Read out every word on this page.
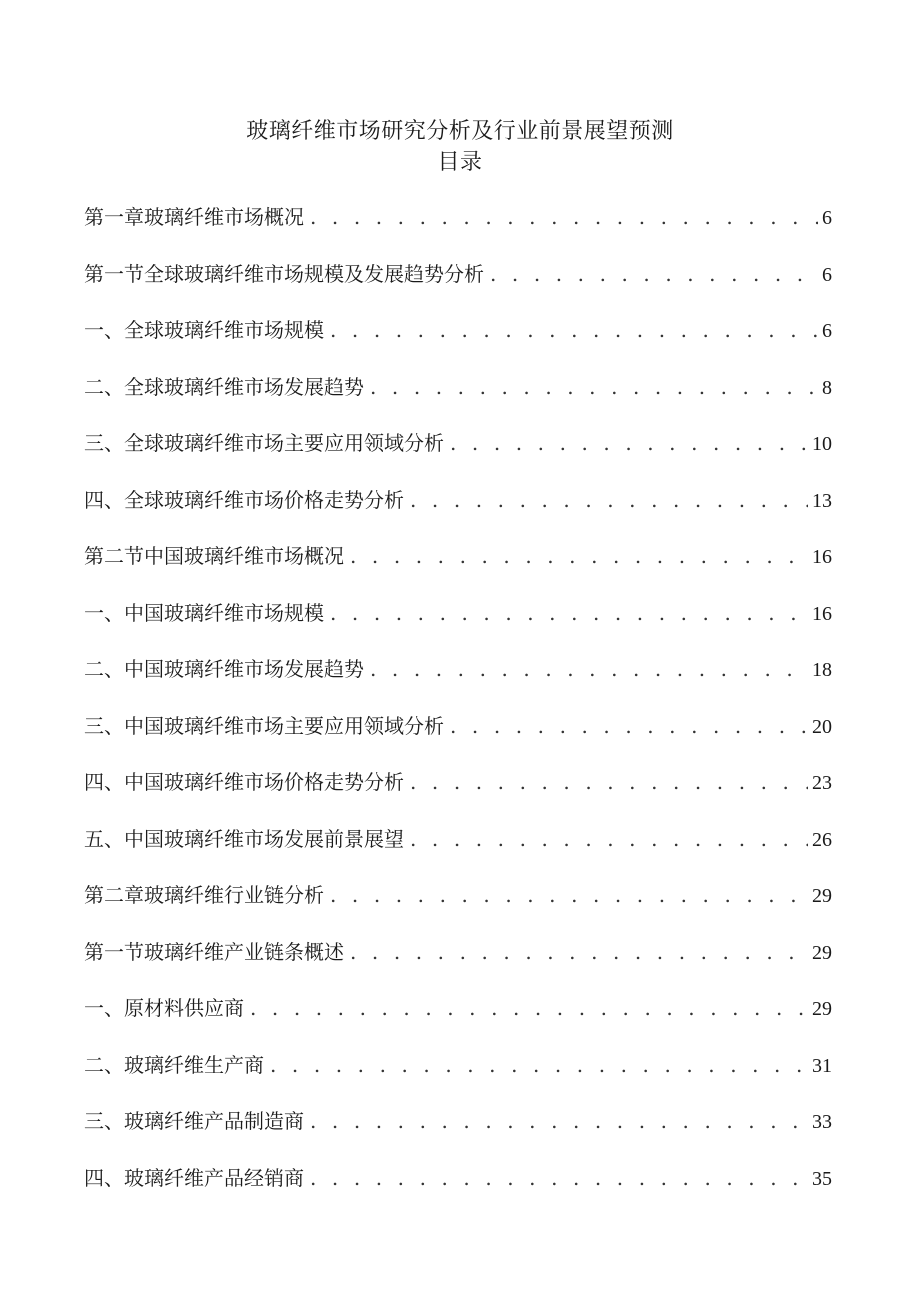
玻璃纤维市场研究分析及行业前景展望预测
目录
第一章玻璃纤维市场概况 . . .	6
第一节全球玻璃纤维市场规模及发展趋势分析 . . .	6
一、全球玻璃纤维市场规模 . . .	6
二、全球玻璃纤维市场发展趋势 . . .	8
三、全球玻璃纤维市场主要应用领域分析 . . .	10
四、全球玻璃纤维市场价格走势分析 . . .	13
第二节中国玻璃纤维市场概况 . . .	16
一、中国玻璃纤维市场规模 . . .	16
二、中国玻璃纤维市场发展趋势 . . .	18
三、中国玻璃纤维市场主要应用领域分析 . . .	20
四、中国玻璃纤维市场价格走势分析 . . .	23
五、中国玻璃纤维市场发展前景展望 . . .	26
第二章玻璃纤维行业链分析 . . .	29
第一节玻璃纤维产业链条概述 . . .	29
一、原材料供应商 . . .	29
二、玻璃纤维生产商 . . .	31
三、玻璃纤维产品制造商 . . .	33
四、玻璃纤维产品经销商 . . .	35
